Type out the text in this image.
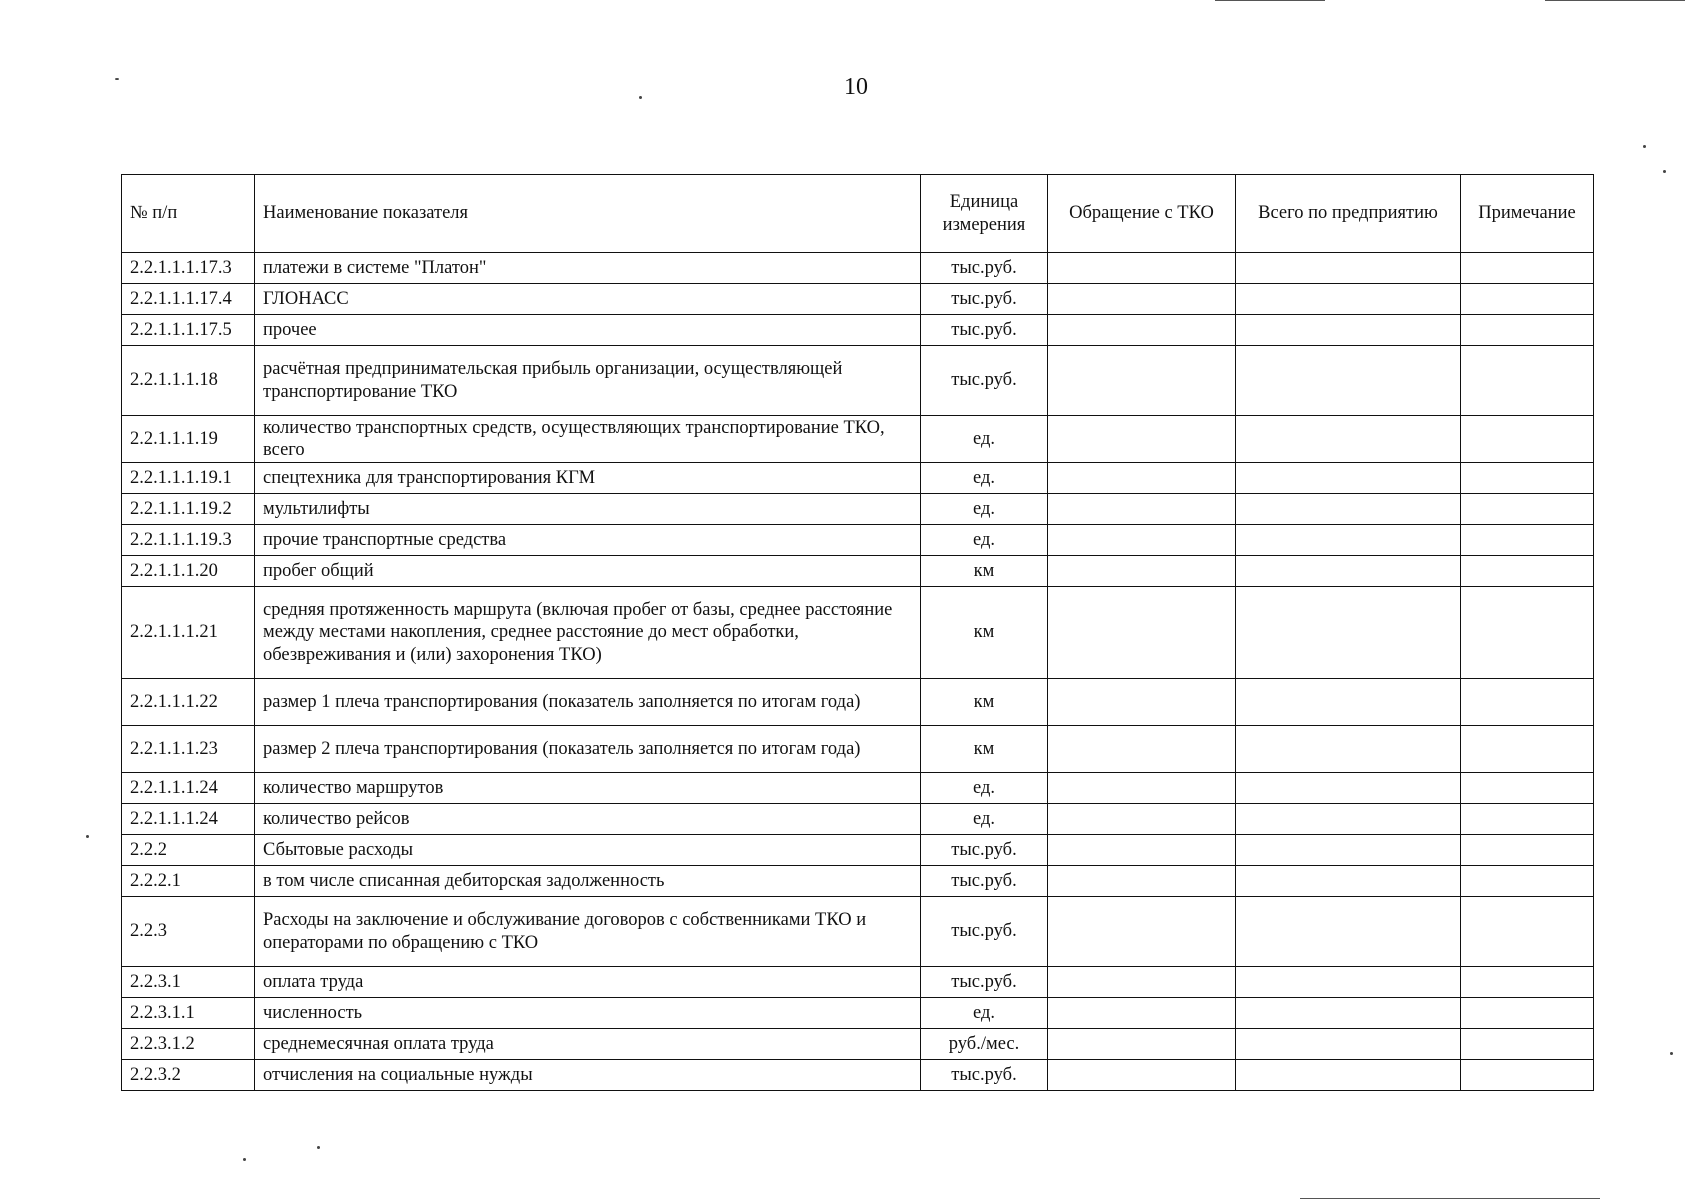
10
№ п/п	Наименование показателя	Единица измерения	Обращение с ТКО	Всего по предприятию	Примечание
2.2.1.1.1.17.3	платежи в системе "Платон"	тыс.руб.			
2.2.1.1.1.17.4	ГЛОНАСС	тыс.руб.			
2.2.1.1.1.17.5	прочее	тыс.руб.			
2.2.1.1.1.18	расчётная предпринимательская прибыль организации, осуществляющей транспортирование ТКО	тыс.руб.			
2.2.1.1.1.19	количество транспортных средств, осуществляющих транспортирование ТКО, всего	ед.			
2.2.1.1.1.19.1	спецтехника для транспортирования КГМ	ед.			
2.2.1.1.1.19.2	мультилифты	ед.			
2.2.1.1.1.19.3	прочие транспортные средства	ед.			
2.2.1.1.1.20	пробег общий	км			
2.2.1.1.1.21	средняя протяженность маршрута (включая пробег от базы, среднее расстояние между местами накопления, среднее расстояние до мест обработки, обезвреживания и (или) захоронения ТКО)	км			
2.2.1.1.1.22	размер 1 плеча транспортирования (показатель заполняется по итогам года)	км			
2.2.1.1.1.23	размер 2 плеча транспортирования (показатель заполняется по итогам года)	км			
2.2.1.1.1.24	количество маршрутов	ед.			
2.2.1.1.1.24	количество рейсов	ед.			
2.2.2	Сбытовые расходы	тыс.руб.			
2.2.2.1	в том числе списанная дебиторская задолженность	тыс.руб.			
2.2.3	Расходы на заключение и обслуживание договоров с собственниками ТКО и операторами по обращению с ТКО	тыс.руб.			
2.2.3.1	оплата труда	тыс.руб.			
2.2.3.1.1	численность	ед.			
2.2.3.1.2	среднемесячная оплата труда	руб./мес.			
2.2.3.2	отчисления на социальные нужды	тыс.руб.			
